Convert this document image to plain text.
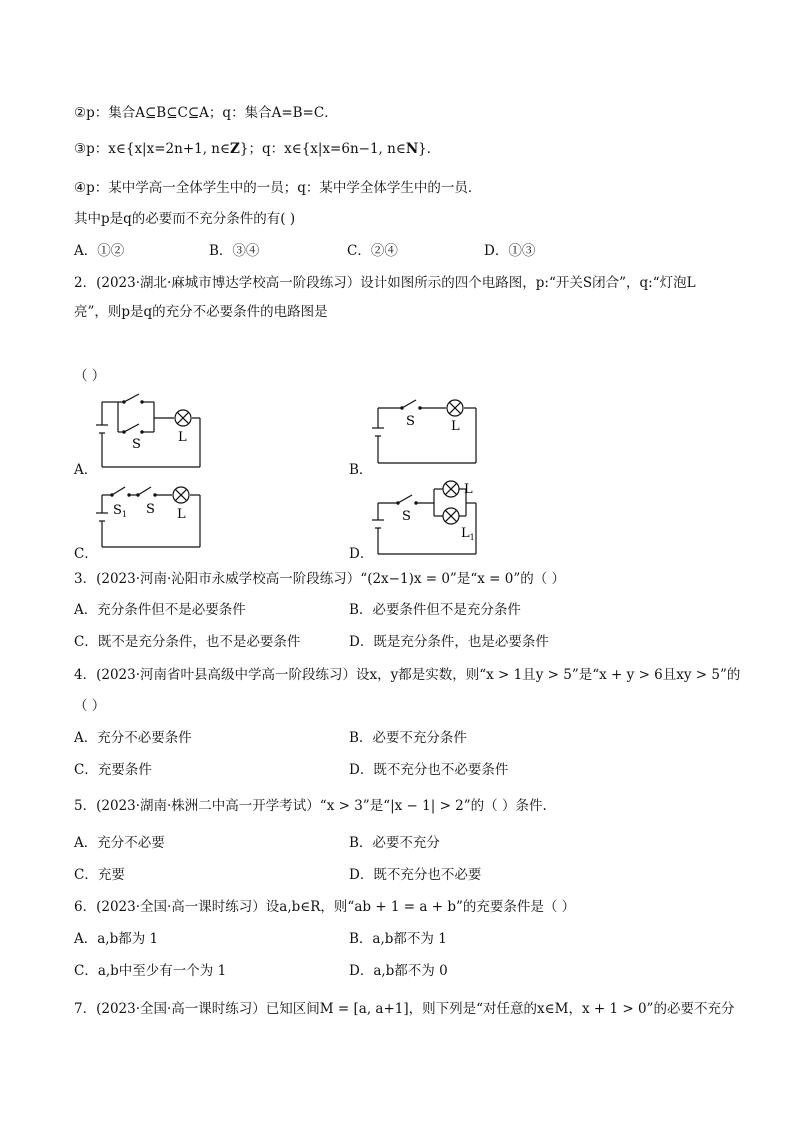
②p：集合A⊆B⊆C⊆A；q：集合A=B=C．
③p：x∈{x|x=2n+1, n∈Z}；q：x∈{x|x=6n−1, n∈N}．
④p：某中学高一全体学生中的一员；q：某中学全体学生中的一员．
其中p是q的必要而不充分条件的有( )
A．①②	B．③④	C．②④	D．①③
2．(2023·湖北·麻城市博达学校高一阶段练习）设计如图所示的四个电路图，p:“开关S闭合”，q:“灯泡L
亮”，则p是q的充分不必要条件的电路图是
（ ）
A．
S	L
B．
S	L
C．
$S_1$ S L
D．
S
L
$L_1$
3．(2023·河南·沁阳市永威学校高一阶段练习）“(2x−1)x = 0”是“x = 0”的（ ）
A．充分条件但不是必要条件	B．必要条件但不是充分条件
C．既不是充分条件，也不是必要条件	D．既是充分条件，也是必要条件
4．(2023·河南省叶县高级中学高一阶段练习）设x，y都是实数，则“x > 1且y > 5”是“x + y > 6且xy > 5”的
（ ）
A．充分不必要条件	B．必要不充分条件
C．充要条件	D．既不充分也不必要条件
5．(2023·湖南·株洲二中高一开学考试）“x > 3”是“|x − 1| > 2”的（ ）条件.
A．充分不必要	B．必要不充分
C．充要	D．既不充分也不必要
6．(2023·全国·高一课时练习）设a,b∈R，则“ab + 1 = a + b”的充要条件是（ ）
A．a,b都为 1	B．a,b都不为 1
C．a,b中至少有一个为 1	D．a,b都不为 0
7．(2023·全国·高一课时练习）已知区间M = [a, a+1]，则下列是“对任意的x∈M，x + 1 > 0”的必要不充分
